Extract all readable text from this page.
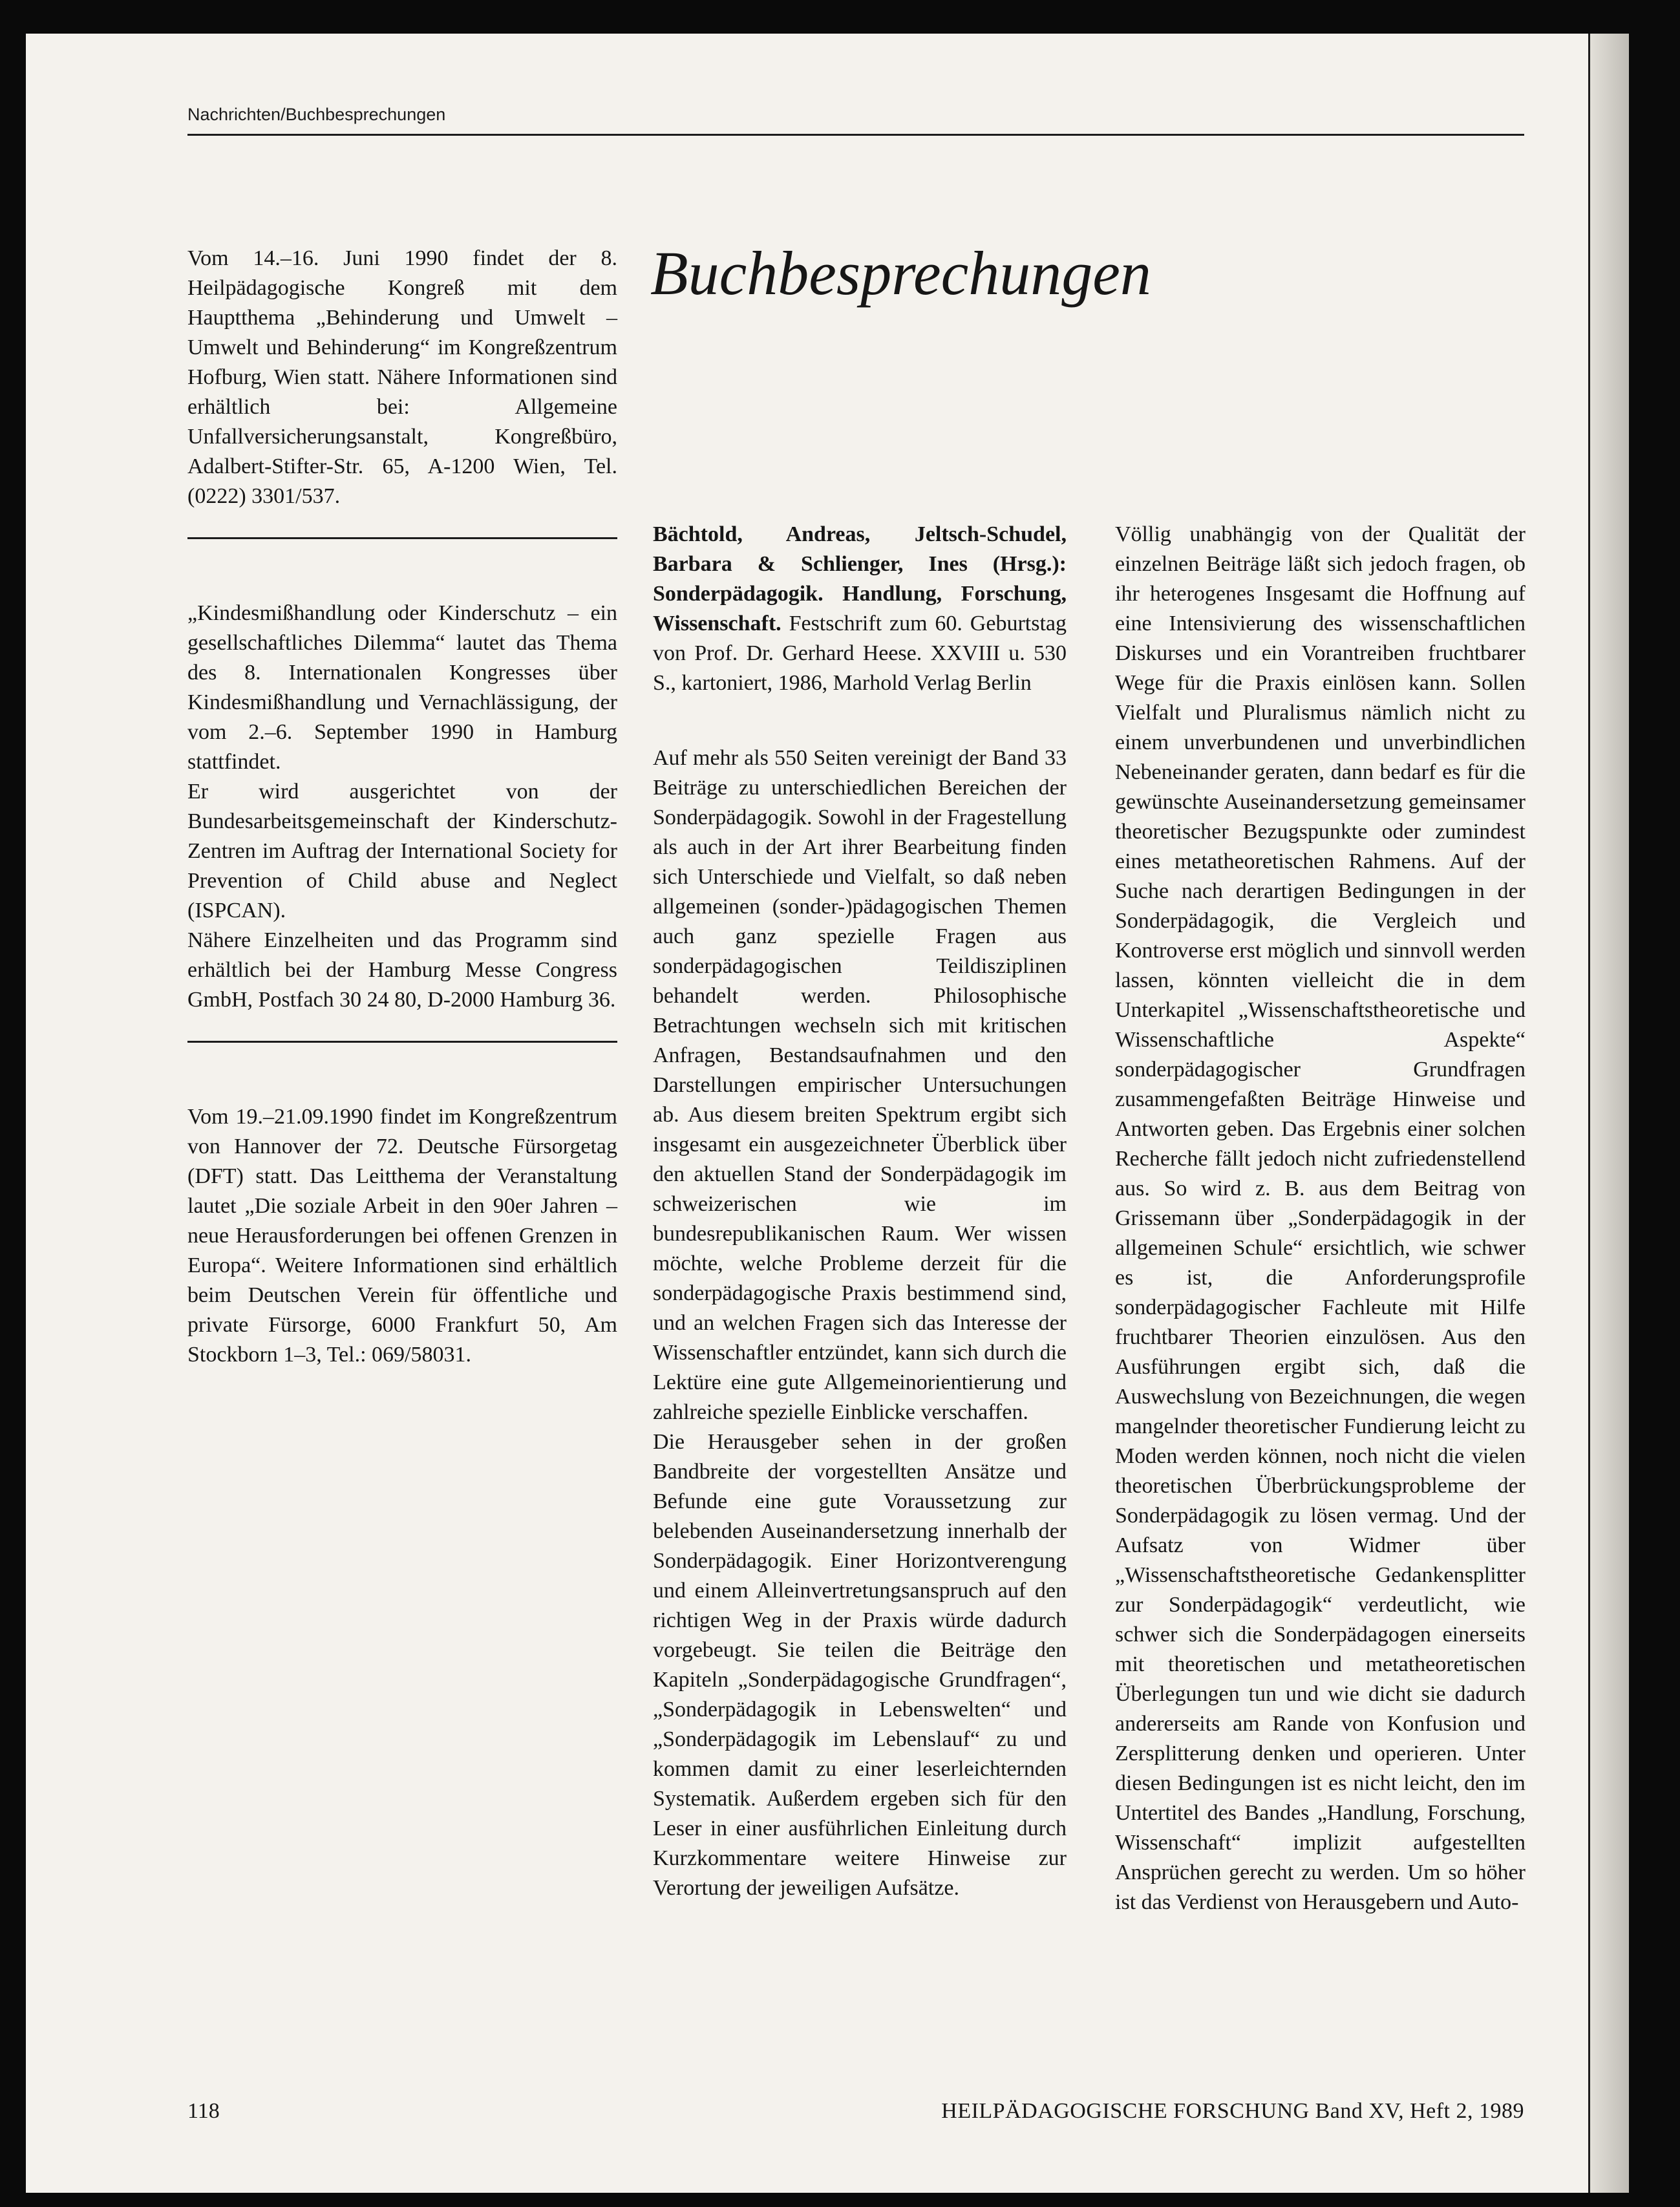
Nachrichten/Buchbesprechungen

Vom 14.–16. Juni 1990 findet der 8. Heilpädagogische Kongreß mit dem Hauptthema „Behinderung und Umwelt – Umwelt und Behinderung“ im Kongreßzentrum Hofburg, Wien statt. Nähere Informationen sind erhältlich bei: Allgemeine Unfallversicherungsanstalt, Kongreßbüro, Adalbert-Stifter-Str. 65, A-1200 Wien, Tel. (0222) 3301/537.

„Kindesmißhandlung oder Kinderschutz – ein gesellschaftliches Dilemma“ lautet das Thema des 8. Internationalen Kongresses über Kindesmißhandlung und Vernachlässigung, der vom 2.–6. September 1990 in Hamburg stattfindet.

Er wird ausgerichtet von der Bundesarbeitsgemeinschaft der Kinderschutz-Zentren im Auftrag der International Society for Prevention of Child abuse and Neglect (ISPCAN).

Nähere Einzelheiten und das Programm sind erhältlich bei der Hamburg Messe Congress GmbH, Postfach 30 24 80, D-2000 Hamburg 36.

Vom 19.–21.09.1990 findet im Kongreßzentrum von Hannover der 72. Deutsche Fürsorgetag (DFT) statt. Das Leitthema der Veranstaltung lautet „Die soziale Arbeit in den 90er Jahren – neue Herausforderungen bei offenen Grenzen in Europa“. Weitere Informationen sind erhältlich beim Deutschen Verein für öffentliche und private Fürsorge, 6000 Frankfurt 50, Am Stockborn 1–3, Tel.: 069/58031.

Buchbesprechungen

Bächtold, Andreas, Jeltsch-Schudel, Barbara & Schlienger, Ines (Hrsg.): Sonderpädagogik. Handlung, Forschung, Wissenschaft. Festschrift zum 60. Geburtstag von Prof. Dr. Gerhard Heese. XXVIII u. 530 S., kartoniert, 1986, Marhold Verlag Berlin

Auf mehr als 550 Seiten vereinigt der Band 33 Beiträge zu unterschiedlichen Bereichen der Sonderpädagogik. Sowohl in der Fragestellung als auch in der Art ihrer Bearbeitung finden sich Unterschiede und Vielfalt, so daß neben allgemeinen (sonder-)pädagogischen Themen auch ganz spezielle Fragen aus sonderpädagogischen Teildisziplinen behandelt werden. Philosophische Betrachtungen wechseln sich mit kritischen Anfragen, Bestandsaufnahmen und den Darstellungen empirischer Untersuchungen ab. Aus diesem breiten Spektrum ergibt sich insgesamt ein ausgezeichneter Überblick über den aktuellen Stand der Sonderpädagogik im schweizerischen wie im bundesrepublikanischen Raum. Wer wissen möchte, welche Probleme derzeit für die sonderpädagogische Praxis bestimmend sind, und an welchen Fragen sich das Interesse der Wissenschaftler entzündet, kann sich durch die Lektüre eine gute Allgemeinorientierung und zahlreiche spezielle Einblicke verschaffen.

Die Herausgeber sehen in der großen Bandbreite der vorgestellten Ansätze und Befunde eine gute Voraussetzung zur belebenden Auseinandersetzung innerhalb der Sonderpädagogik. Einer Horizontverengung und einem Alleinvertretungsanspruch auf den richtigen Weg in der Praxis würde dadurch vorgebeugt. Sie teilen die Beiträge den Kapiteln „Sonderpädagogische Grundfragen“, „Sonderpädagogik in Lebenswelten“ und „Sonderpädagogik im Lebenslauf“ zu und kommen damit zu einer leserleichternden Systematik. Außerdem ergeben sich für den Leser in einer ausführlichen Einleitung durch Kurzkommentare weitere Hinweise zur Verortung der jeweiligen Aufsätze.

Völlig unabhängig von der Qualität der einzelnen Beiträge läßt sich jedoch fragen, ob ihr heterogenes Insgesamt die Hoffnung auf eine Intensivierung des wissenschaftlichen Diskurses und ein Vorantreiben fruchtbarer Wege für die Praxis einlösen kann. Sollen Vielfalt und Pluralismus nämlich nicht zu einem unverbundenen und unverbindlichen Nebeneinander geraten, dann bedarf es für die gewünschte Auseinandersetzung gemeinsamer theoretischer Bezugspunkte oder zumindest eines metatheoretischen Rahmens. Auf der Suche nach derartigen Bedingungen in der Sonderpädagogik, die Vergleich und Kontroverse erst möglich und sinnvoll werden lassen, könnten vielleicht die in dem Unterkapitel „Wissenschaftstheoretische und Wissenschaftliche Aspekte“ sonderpädagogischer Grundfragen zusammengefaßten Beiträge Hinweise und Antworten geben. Das Ergebnis einer solchen Recherche fällt jedoch nicht zufriedenstellend aus. So wird z. B. aus dem Beitrag von Grissemann über „Sonderpädagogik in der allgemeinen Schule“ ersichtlich, wie schwer es ist, die Anforderungsprofile sonderpädagogischer Fachleute mit Hilfe fruchtbarer Theorien einzulösen. Aus den Ausführungen ergibt sich, daß die Auswechslung von Bezeichnungen, die wegen mangelnder theoretischer Fundierung leicht zu Moden werden können, noch nicht die vielen theoretischen Überbrückungsprobleme der Sonderpädagogik zu lösen vermag. Und der Aufsatz von Widmer über „Wissenschaftstheoretische Gedankensplitter zur Sonderpädagogik“ verdeutlicht, wie schwer sich die Sonderpädagogen einerseits mit theoretischen und metatheoretischen Überlegungen tun und wie dicht sie dadurch andererseits am Rande von Konfusion und Zersplitterung denken und operieren. Unter diesen Bedingungen ist es nicht leicht, den im Untertitel des Bandes „Handlung, Forschung, Wissenschaft“ implizit aufgestellten Ansprüchen gerecht zu werden. Um so höher ist das Verdienst von Herausgebern und Auto-

118	HEILPÄDAGOGISCHE FORSCHUNG Band XV, Heft 2, 1989
